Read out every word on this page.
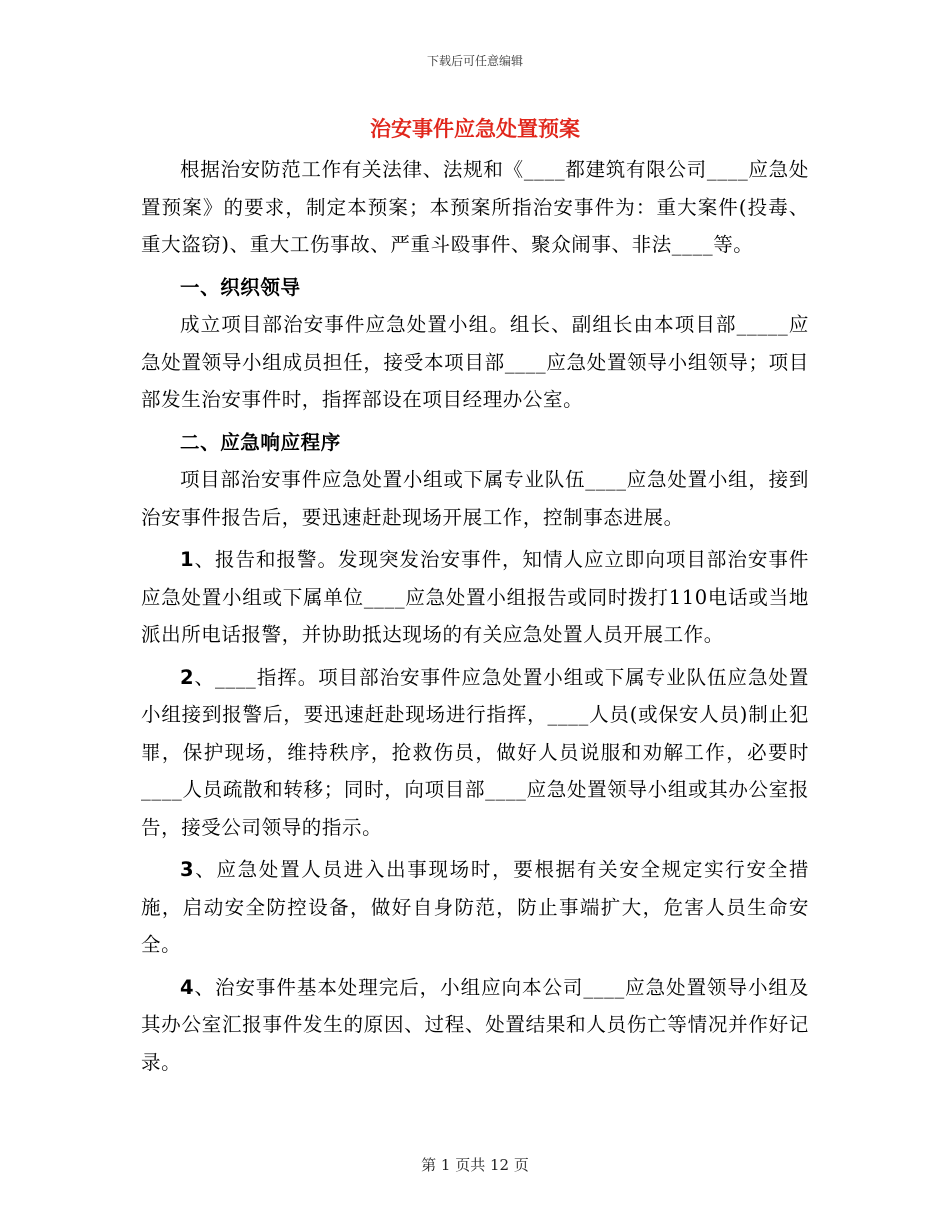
下载后可任意编辑
治安事件应急处置预案

根据治安防范工作有关法律、法规和《____都建筑有限公司____应急处置预案》的要求，制定本预案；本预案所指治安事件为：重大案件(投毒、重大盗窃)、重大工伤事故、严重斗殴事件、聚众闹事、非法____等。

一、织织领导

成立项目部治安事件应急处置小组。组长、副组长由本项目部_____应急处置领导小组成员担任，接受本项目部____应急处置领导小组领导；项目部发生治安事件时，指挥部设在项目经理办公室。

二、应急响应程序

项目部治安事件应急处置小组或下属专业队伍____应急处置小组，接到治安事件报告后，要迅速赶赴现场开展工作，控制事态进展。

1、报告和报警。发现突发治安事件，知情人应立即向项目部治安事件应急处置小组或下属单位____应急处置小组报告或同时拨打110电话或当地派出所电话报警，并协助抵达现场的有关应急处置人员开展工作。

2、____指挥。项目部治安事件应急处置小组或下属专业队伍应急处置小组接到报警后，要迅速赶赴现场进行指挥，____人员(或保安人员)制止犯罪，保护现场，维持秩序，抢救伤员，做好人员说服和劝解工作，必要时____人员疏散和转移；同时，向项目部____应急处置领导小组或其办公室报告，接受公司领导的指示。

3、应急处置人员进入出事现场时，要根据有关安全规定实行安全措施，启动安全防控设备，做好自身防范，防止事端扩大，危害人员生命安全。

4、治安事件基本处理完后，小组应向本公司____应急处置领导小组及其办公室汇报事件发生的原因、过程、处置结果和人员伤亡等情况并作好记录。

第 1 页共 12 页
